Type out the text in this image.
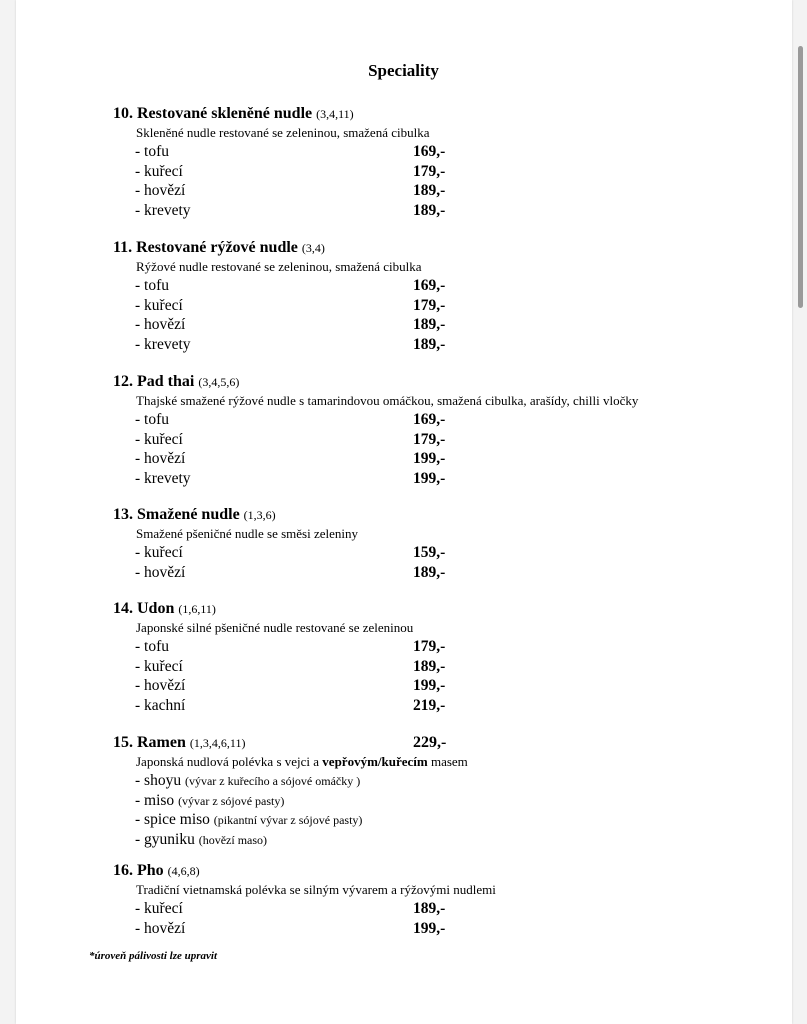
Speciality
10. Restované skleněné nudle (3,4,11)
Skleněné nudle restované se zeleninou, smažená cibulka
- tofu	169,-
- kuřecí	179,-
- hovězí	189,-
- krevety	189,-
11. Restované rýžové nudle (3,4)
Rýžové nudle restované se zeleninou, smažená cibulka
- tofu	169,-
- kuřecí	179,-
- hovězí	189,-
- krevety	189,-
12. Pad thai (3,4,5,6)
Thajské smažené rýžové nudle s tamarindovou omáčkou, smažená cibulka, arašídy, chilli vločky
- tofu	169,-
- kuřecí	179,-
- hovězí	199,-
- krevety	199,-
13. Smažené nudle (1,3,6)
Smažené pšeničné nudle se směsi zeleniny
- kuřecí	159,-
- hovězí	189,-
14. Udon (1,6,11)
Japonské silné pšeničné nudle restované se zeleninou
- tofu	179,-
- kuřecí	189,-
- hovězí	199,-
- kachní	219,-
15. Ramen (1,3,4,6,11)	229,-
Japonská nudlová polévka s vejci a vepřovým/kuřecím masem
- shoyu (vývar z kuřecího a sójové omáčky )
- miso (vývar z sójové pasty)
- spice miso (pikantní vývar z sójové pasty)
- gyuniku (hovězí maso)
16. Pho (4,6,8)
Tradiční vietnamská polévka se silným vývarem a rýžovými nudlemi
- kuřecí	189,-
- hovězí	199,-
*úroveň pálivosti lze upravit
